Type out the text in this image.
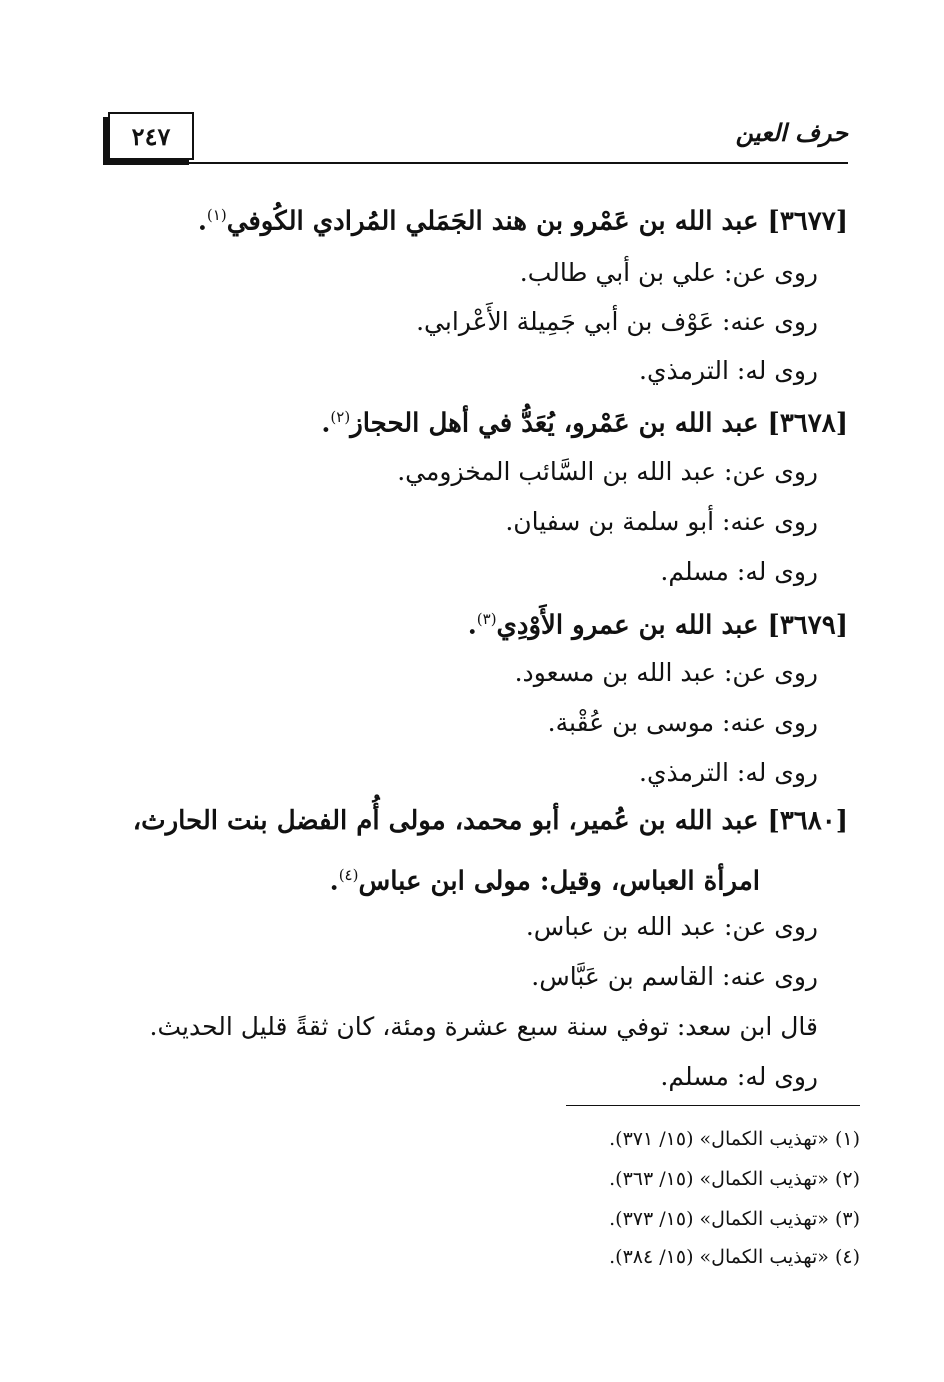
٢٤٧	حرف العين
[٣٦٧٧] عبد الله بن عَمْرو بن هند الجَمَلي المُرادي الكُوفي$^{(١)}$.
روى عن: علي بن أبي طالب.
روى عنه: عَوْف بن أبي جَمِيلة الأَعْرابي.
روى له: الترمذي.
[٣٦٧٨] عبد الله بن عَمْرو، يُعَدُّ في أهل الحجاز$^{(٢)}$.
روى عن: عبد الله بن السَّائب المخزومي.
روى عنه: أبو سلمة بن سفيان.
روى له: مسلم.
[٣٦٧٩] عبد الله بن عمرو الأَوْدِي$^{(٣)}$.
روى عن: عبد الله بن مسعود.
روى عنه: موسى بن عُقْبة.
روى له: الترمذي.
[٣٦٨٠] عبد الله بن عُمير، أبو محمد، مولى أُم الفضل بنت الحارث،
امرأة العباس، وقيل: مولى ابن عباس$^{(٤)}$.
روى عن: عبد الله بن عباس.
روى عنه: القاسم بن عَبَّاس.
قال ابن سعد: توفي سنة سبع عشرة ومئة، كان ثقةً قليل الحديث.
روى له: مسلم.
(١) «تهذيب الكمال» (١٥/ ٣٧١).
(٢) «تهذيب الكمال» (١٥/ ٣٦٣).
(٣) «تهذيب الكمال» (١٥/ ٣٧٣).
(٤) «تهذيب الكمال» (١٥/ ٣٨٤).
